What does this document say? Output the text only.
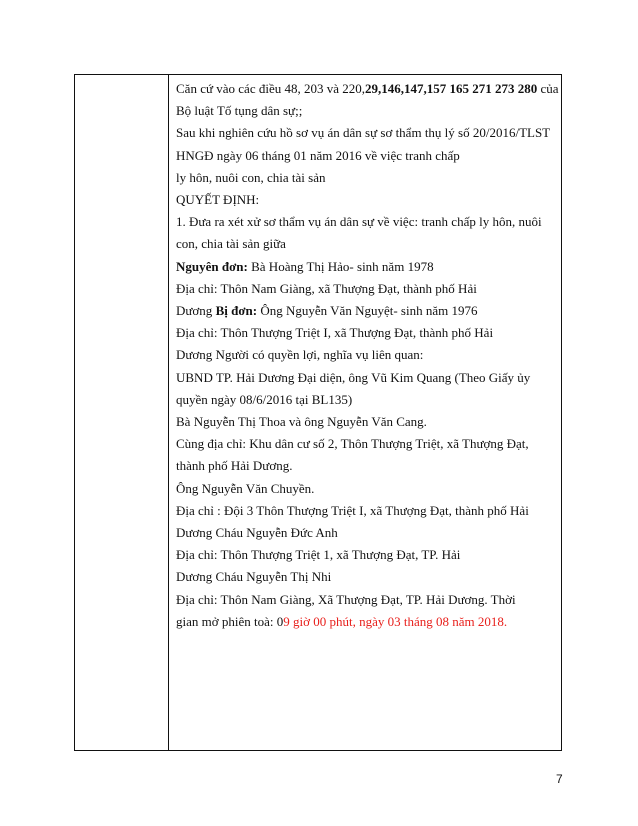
Căn cứ vào các điều 48, 203 và 220,29,146,147,157 165 271 273 280 của
Bộ luật Tố tụng dân sự;;
Sau khi nghiên cứu hồ sơ vụ án dân sự sơ thẩm thụ lý số 20/2016/TLST
HNGĐ ngày 06 tháng 01 năm 2016 về việc tranh chấp
ly hôn, nuôi con, chia tài sản
QUYẾT ĐỊNH:
1. Đưa ra xét xử sơ thẩm vụ án dân sự về việc: tranh chấp ly hôn, nuôi
con, chia tài sản giữa
Nguyên đơn: Bà Hoàng Thị Hảo- sinh năm 1978
Địa chỉ: Thôn Nam Giàng, xã Thượng Đạt, thành phố Hải
Dương Bị đơn: Ông Nguyễn Văn Nguyệt- sinh năm 1976
Địa chỉ: Thôn Thượng Triệt I, xã Thượng Đạt, thành phố Hải
Dương Người có quyền lợi, nghĩa vụ liên quan:
UBND TP. Hải Dương Đại diện, ông Vũ Kim Quang (Theo Giấy ủy
quyền ngày 08/6/2016 tại BL135)
Bà Nguyễn Thị Thoa và ông Nguyễn Văn Cang.
Cùng địa chỉ: Khu dân cư số 2, Thôn Thượng Triệt, xã Thượng Đạt,
thành phố Hải Dương.
Ông Nguyễn Văn Chuyền.
Địa chỉ : Đội 3 Thôn Thượng Triệt I, xã Thượng Đạt, thành phố Hải
Dương Cháu Nguyễn Đức Anh
Địa chỉ: Thôn Thượng Triệt 1, xã Thượng Đạt, TP. Hải
Dương Cháu Nguyễn Thị Nhi
Địa chỉ: Thôn Nam Giàng, Xã Thượng Đạt, TP. Hải Dương. Thời
gian mở phiên toà: 09 giờ 00 phút, ngày 03 tháng 08 năm 2018.
7
